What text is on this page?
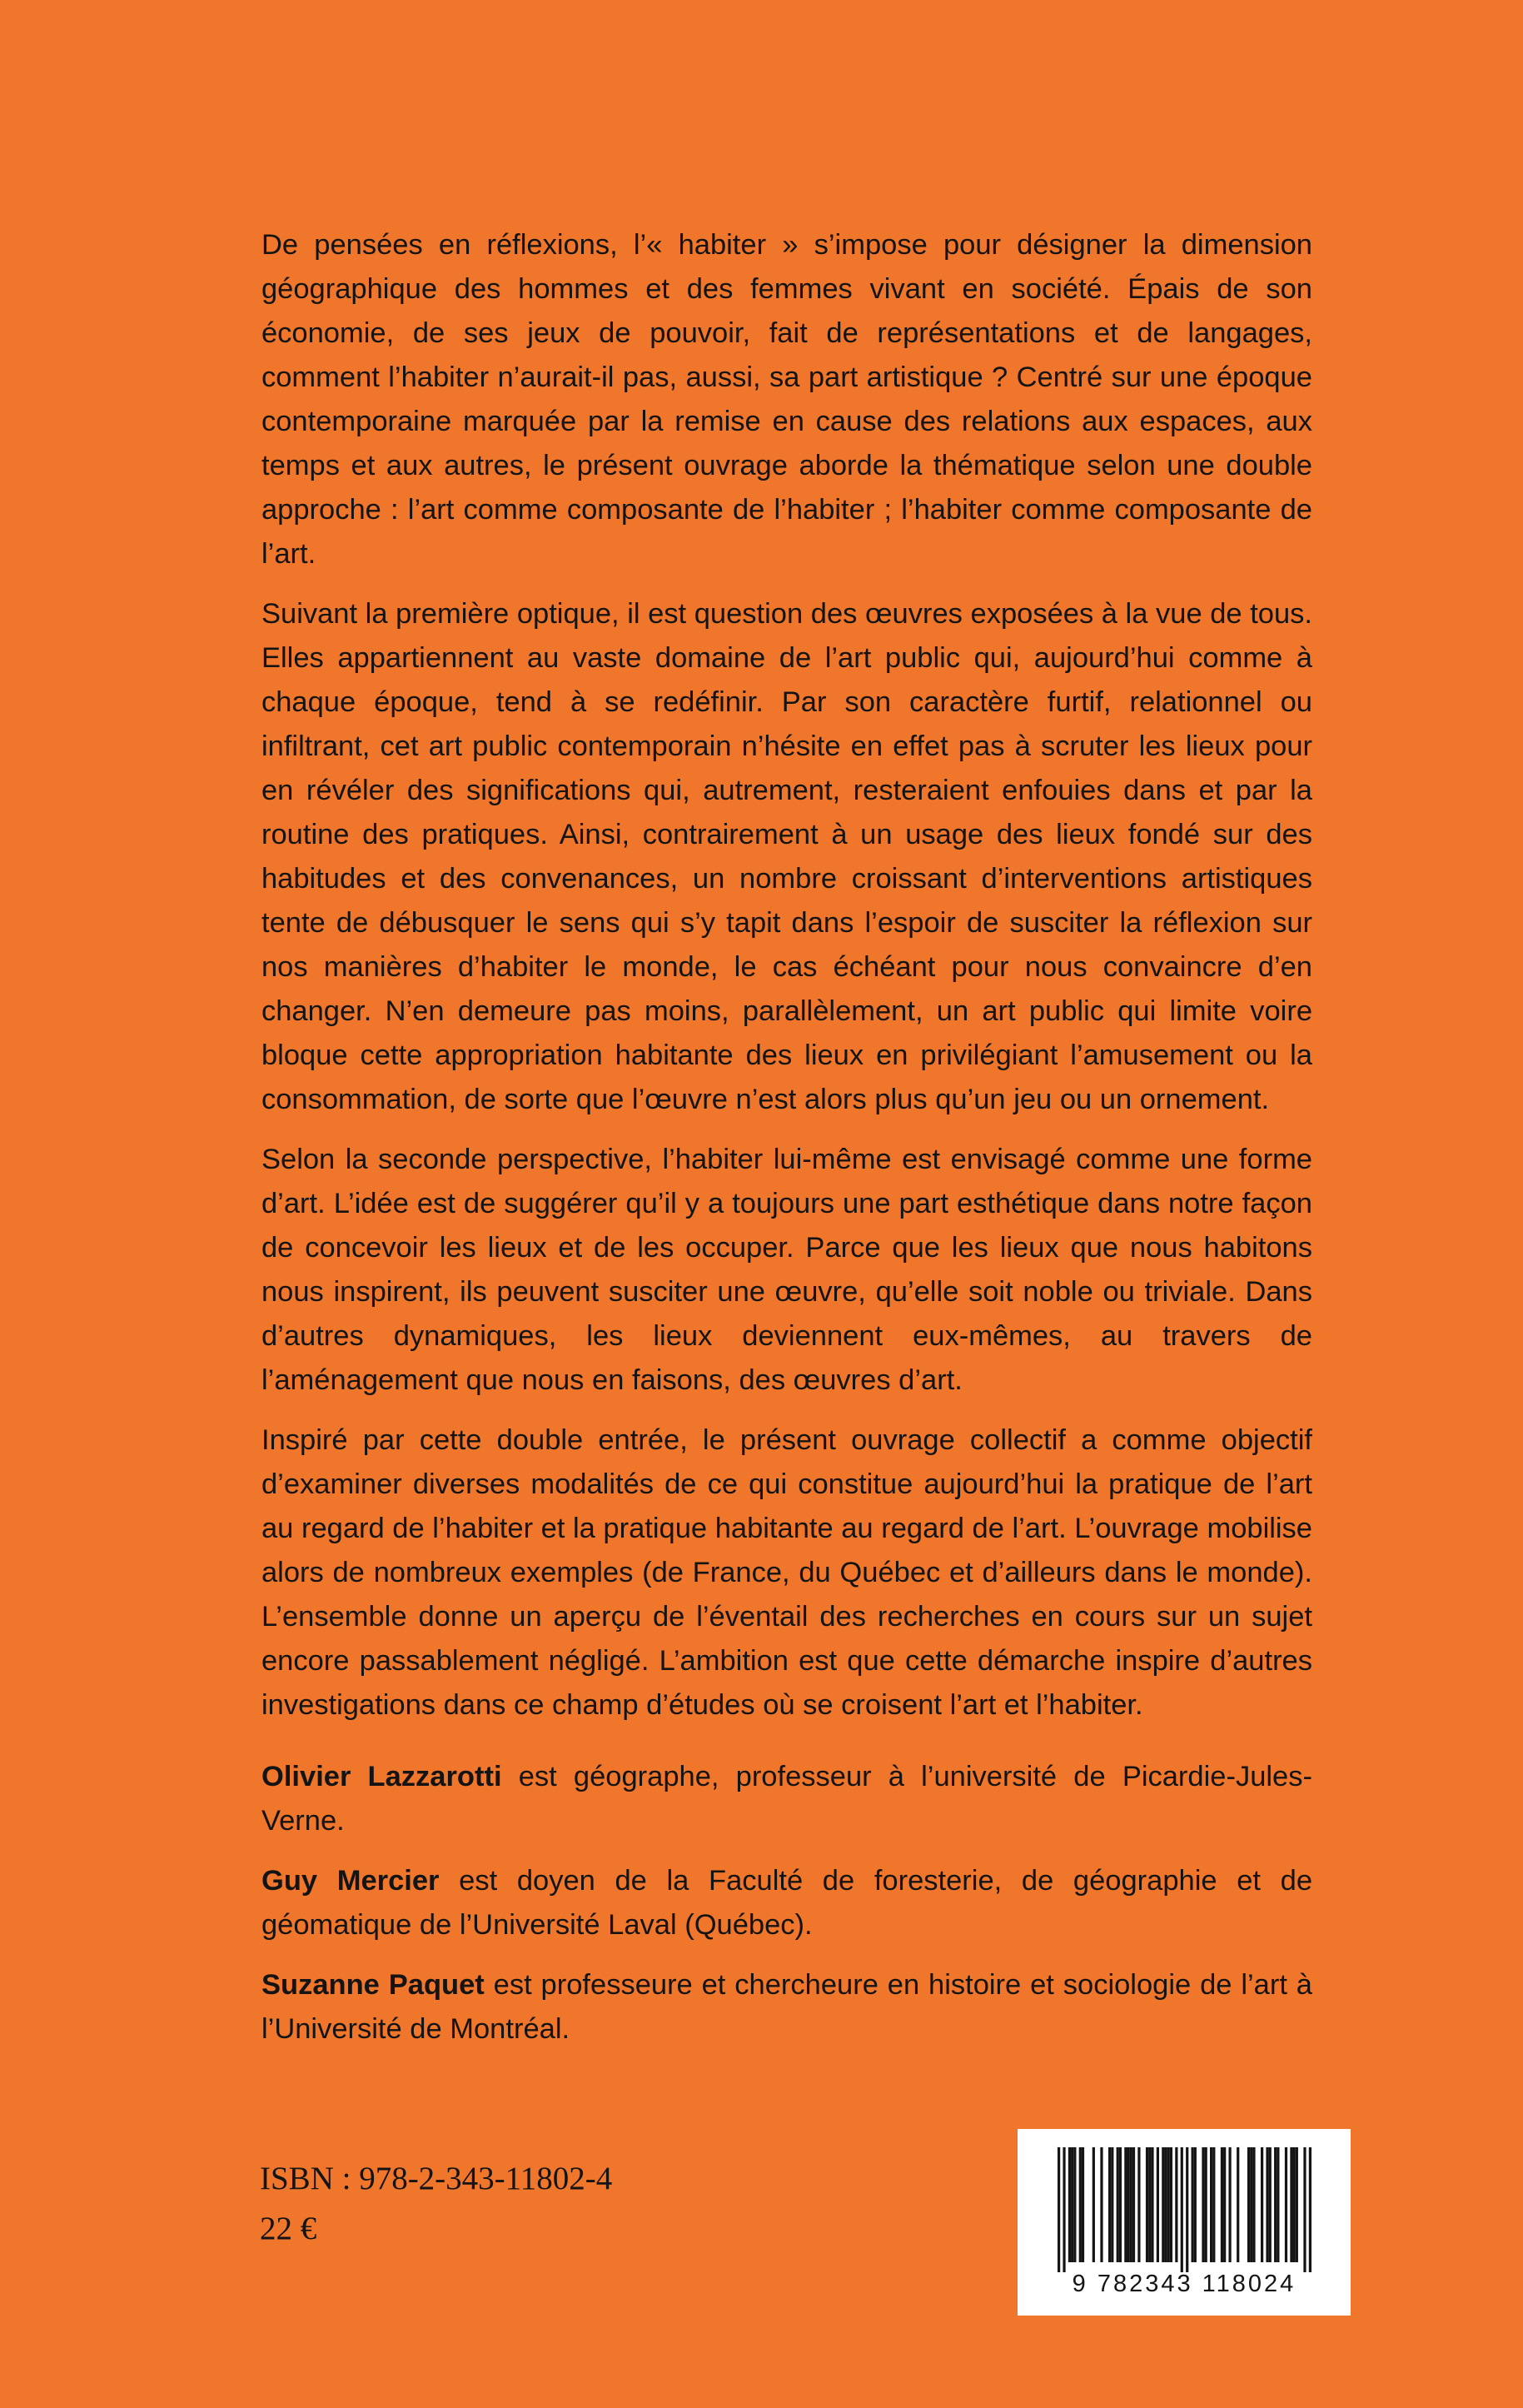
De pensées en réflexions, l’« habiter » s’impose pour désigner la dimension géographique des hommes et des femmes vivant en société. Épais de son économie, de ses jeux de pouvoir, fait de représentations et de langages, comment l’habiter n’aurait-il pas, aussi, sa part artistique ? Centré sur une époque contemporaine marquée par la remise en cause des relations aux espaces, aux temps et aux autres, le présent ouvrage aborde la thématique selon une double approche : l’art comme composante de l’habiter ; l’habiter comme composante de l’art.

Suivant la première optique, il est question des œuvres exposées à la vue de tous. Elles appartiennent au vaste domaine de l’art public qui, aujourd’hui comme à chaque époque, tend à se redéfinir. Par son caractère furtif, relationnel ou infiltrant, cet art public contemporain n’hésite en effet pas à scruter les lieux pour en révéler des significations qui, autrement, resteraient enfouies dans et par la routine des pratiques. Ainsi, contrairement à un usage des lieux fondé sur des habitudes et des convenances, un nombre croissant d’interventions artistiques tente de débusquer le sens qui s’y tapit dans l’espoir de susciter la réflexion sur nos manières d’habiter le monde, le cas échéant pour nous convaincre d’en changer. N’en demeure pas moins, parallèlement, un art public qui limite voire bloque cette appropriation habitante des lieux en privilégiant l’amusement ou la consommation, de sorte que l’œuvre n’est alors plus qu’un jeu ou un ornement.

Selon la seconde perspective, l’habiter lui-même est envisagé comme une forme d’art. L’idée est de suggérer qu’il y a toujours une part esthétique dans notre façon de concevoir les lieux et de les occuper. Parce que les lieux que nous habitons nous inspirent, ils peuvent susciter une œuvre, qu’elle soit noble ou triviale. Dans d’autres dynamiques, les lieux deviennent eux-mêmes, au travers de l’aménagement que nous en faisons, des œuvres d’art.

Inspiré par cette double entrée, le présent ouvrage collectif a comme objectif d’examiner diverses modalités de ce qui constitue aujourd’hui la pratique de l’art au regard de l’habiter et la pratique habitante au regard de l’art. L’ouvrage mobilise alors de nombreux exemples (de France, du Québec et d’ailleurs dans le monde). L’ensemble donne un aperçu de l’éventail des recherches en cours sur un sujet encore passablement négligé. L’ambition est que cette démarche inspire d’autres investigations dans ce champ d’études où se croisent l’art et l’habiter.

Olivier Lazzarotti est géographe, professeur à l’université de Picardie-Jules-Verne.

Guy Mercier est doyen de la Faculté de foresterie, de géographie et de géomatique de l’Université Laval (Québec).

Suzanne Paquet est professeure et chercheure en histoire et sociologie de l’art à l’Université de Montréal.

ISBN : 978-2-343-11802-4
22 €
9 782343 118024
